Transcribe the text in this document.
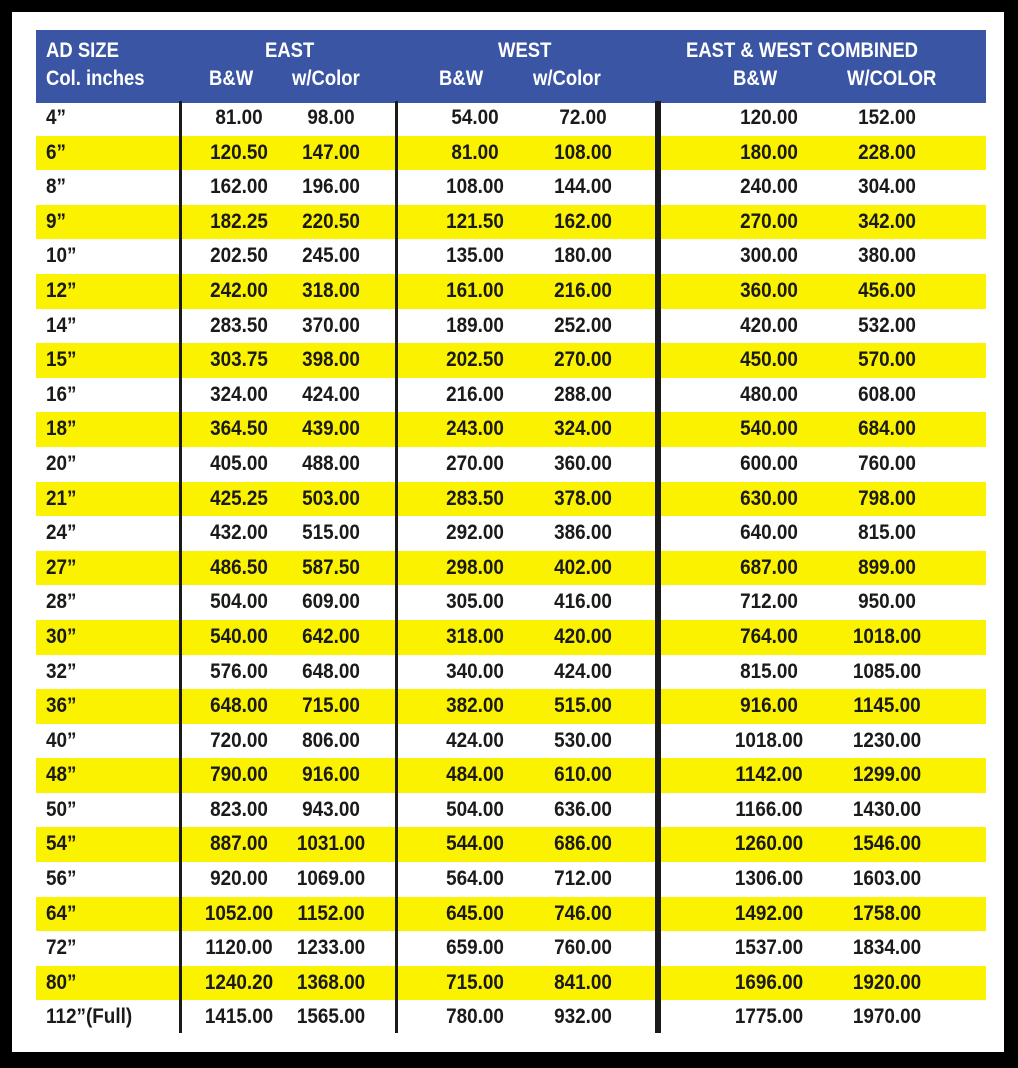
AD SIZE
Col. inches
EAST	WEST	EAST & WEST COMBINED
B&W w/Color	B&W w/Color	B&W	W/COLOR
4”	81.00	98.00	54.00	72.00	120.00	152.00
6”	120.50	147.00	81.00	108.00	180.00	228.00
8”	162.00	196.00	108.00	144.00	240.00	304.00
9”	182.25	220.50	121.50	162.00	270.00	342.00
10”	202.50	245.00	135.00	180.00	300.00	380.00
12”	242.00	318.00	161.00	216.00	360.00	456.00
14”	283.50	370.00	189.00	252.00	420.00	532.00
15”	303.75	398.00	202.50	270.00	450.00	570.00
16”	324.00	424.00	216.00	288.00	480.00	608.00
18”	364.50	439.00	243.00	324.00	540.00	684.00
20”	405.00	488.00	270.00	360.00	600.00	760.00
21”	425.25	503.00	283.50	378.00	630.00	798.00
24”	432.00	515.00	292.00	386.00	640.00	815.00
27”	486.50	587.50	298.00	402.00	687.00	899.00
28”	504.00	609.00	305.00	416.00	712.00	950.00
30”	540.00	642.00	318.00	420.00	764.00	1018.00
32”	576.00	648.00	340.00	424.00	815.00	1085.00
36”	648.00	715.00	382.00	515.00	916.00	1145.00
40”	720.00	806.00	424.00	530.00	1018.00	1230.00
48”	790.00	916.00	484.00	610.00	1142.00	1299.00
50”	823.00	943.00	504.00	636.00	1166.00	1430.00
54”	887.00	1031.00	544.00	686.00	1260.00	1546.00
56”	920.00	1069.00	564.00	712.00	1306.00	1603.00
64”	1052.00	1152.00	645.00	746.00	1492.00	1758.00
72”	1120.00	1233.00	659.00	760.00	1537.00	1834.00
80”	1240.20	1368.00	715.00	841.00	1696.00	1920.00
112”(Full)	1415.00	1565.00	780.00	932.00	1775.00	1970.00
